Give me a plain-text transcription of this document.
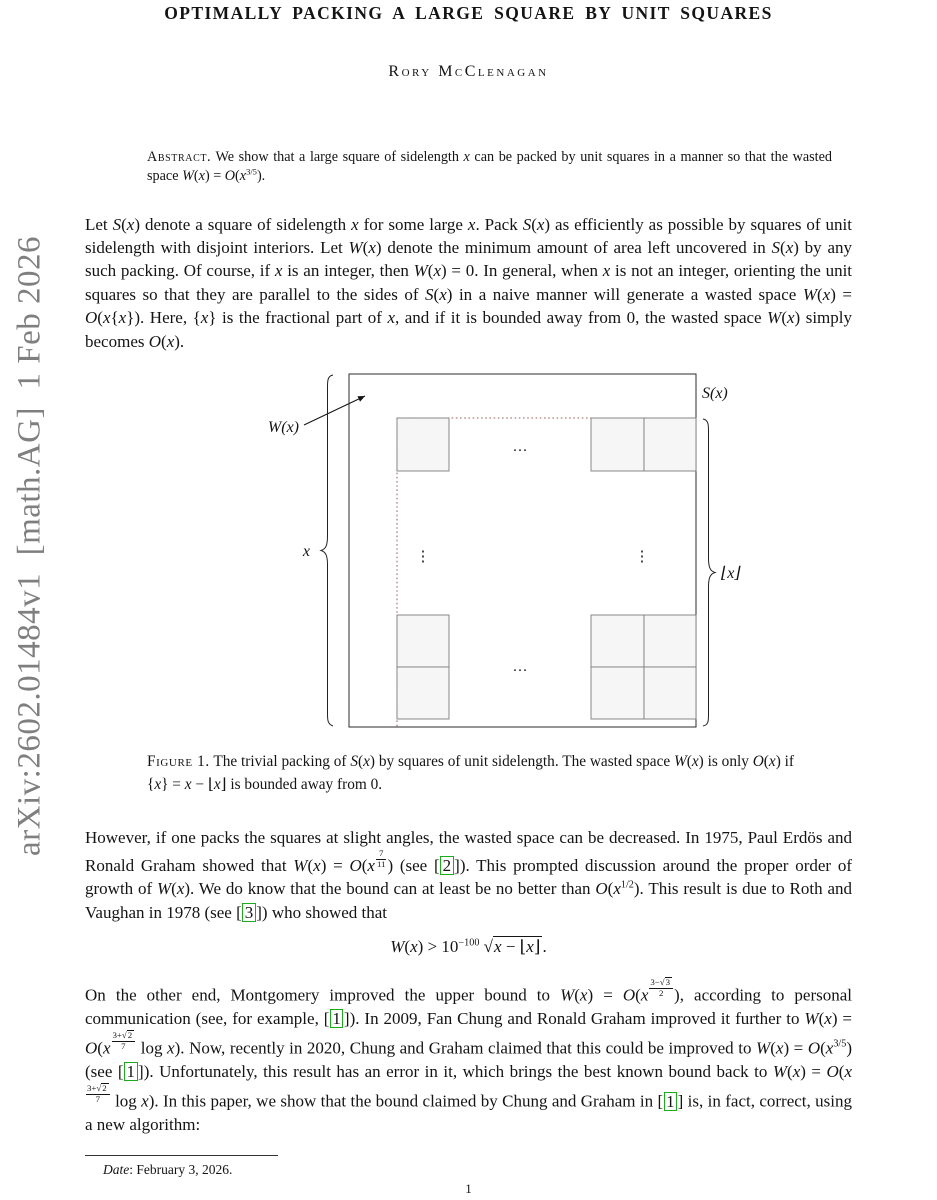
arXiv:2602.01484v1  [math.AG]  1 Feb 2026
OPTIMALLY PACKING A LARGE SQUARE BY UNIT SQUARES
Rory McClenagan
Abstract. We show that a large square of sidelength x can be packed by unit squares in a manner so that the wasted space $W(x) = O(x^{3/5})$.

Let S(x) denote a square of sidelength x for some large x. Pack S(x) as efficiently as possible by squares of unit sidelength with disjoint interiors. Let W(x) denote the minimum amount of area left uncovered in S(x) by any such packing. Of course, if x is an integer, then W(x) = 0. In general, when x is not an integer, orienting the unit squares so that they are parallel to the sides of S(x) in a naive manner will generate a wasted space W(x) = O(x{x}). Here, {x} is the fractional part of x, and if it is bounded away from 0, the wasted space W(x) simply becomes O(x).

…
…
⋮	⋮
S(x)
W(x)
x
⌊x⌋
Figure 1. The trivial packing of S(x) by squares of unit sidelength. The wasted space W(x) is only O(x) if {x} = x − ⌊x⌋ is bounded away from 0.

However, if one packs the squares at slight angles, the wasted space can be decreased. In 1975, Paul Erdös and Ronald Graham showed that $W(x) = O(x \frac{7}{11}$ ) (see [ 2 ]). This prompted discussion around the proper order of growth of W(x). We do know that the bound can at least be no better than $O(x^{1/2})$. This result is due to Roth and Vaughan in 1978 (see [ 3 ]) who showed that

$W(x) > 10^{-100}$ √x − ⌊x⌋ .

On the other end, Montgomery improved the upper bound to $W(x) = O(x \frac{3-√3}{2}$ ), according to personal communication (see, for example, [ 1 ]). In 2009, Fan Chung and Ronald Graham improved it further to $W(x) = O(x \frac{3+√2}{7}$ log x). Now, recently in 2020, Chung and Graham claimed that this could be improved to $W(x) = O(x^{3/5})$ (see [ 1 ]). Unfortunately, this result has an error in it, which brings the best known bound back to W(x) = O(x
$\frac{3+√2}{7}$ log x). In this paper, we show that the bound claimed by Chung and Graham in [ 1 ] is, in fact, correct, using a new algorithm:

Date: February 3, 2026.
1
